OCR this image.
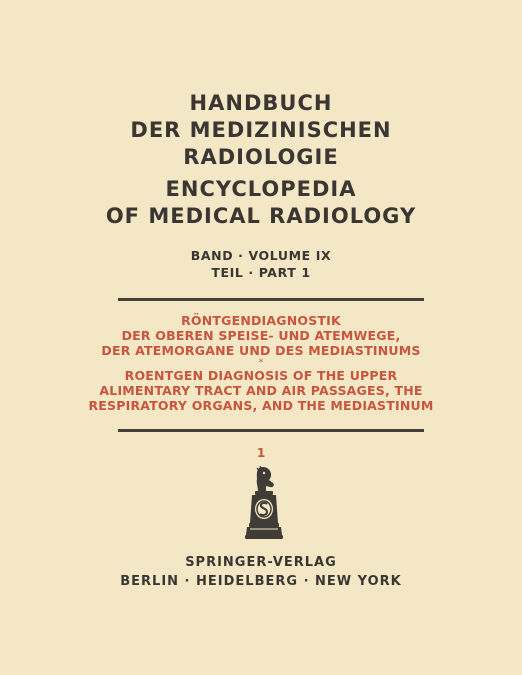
HANDBUCH
DER MEDIZINISCHEN
RADIOLOGIE
ENCYCLOPEDIA
OF MEDICAL RADIOLOGY
BAND · VOLUME IX
TEIL · PART 1
RÖNTGENDIAGNOSTIK
DER OBEREN SPEISE- UND ATEMWEGE,
DER ATEMORGANE UND DES MEDIASTINUMS
*
ROENTGEN DIAGNOSIS OF THE UPPER
ALIMENTARY TRACT AND AIR PASSAGES, THE
RESPIRATORY ORGANS, AND THE MEDIASTINUM
1
SPRINGER-VERLAG
BERLIN · HEIDELBERG · NEW YORK
